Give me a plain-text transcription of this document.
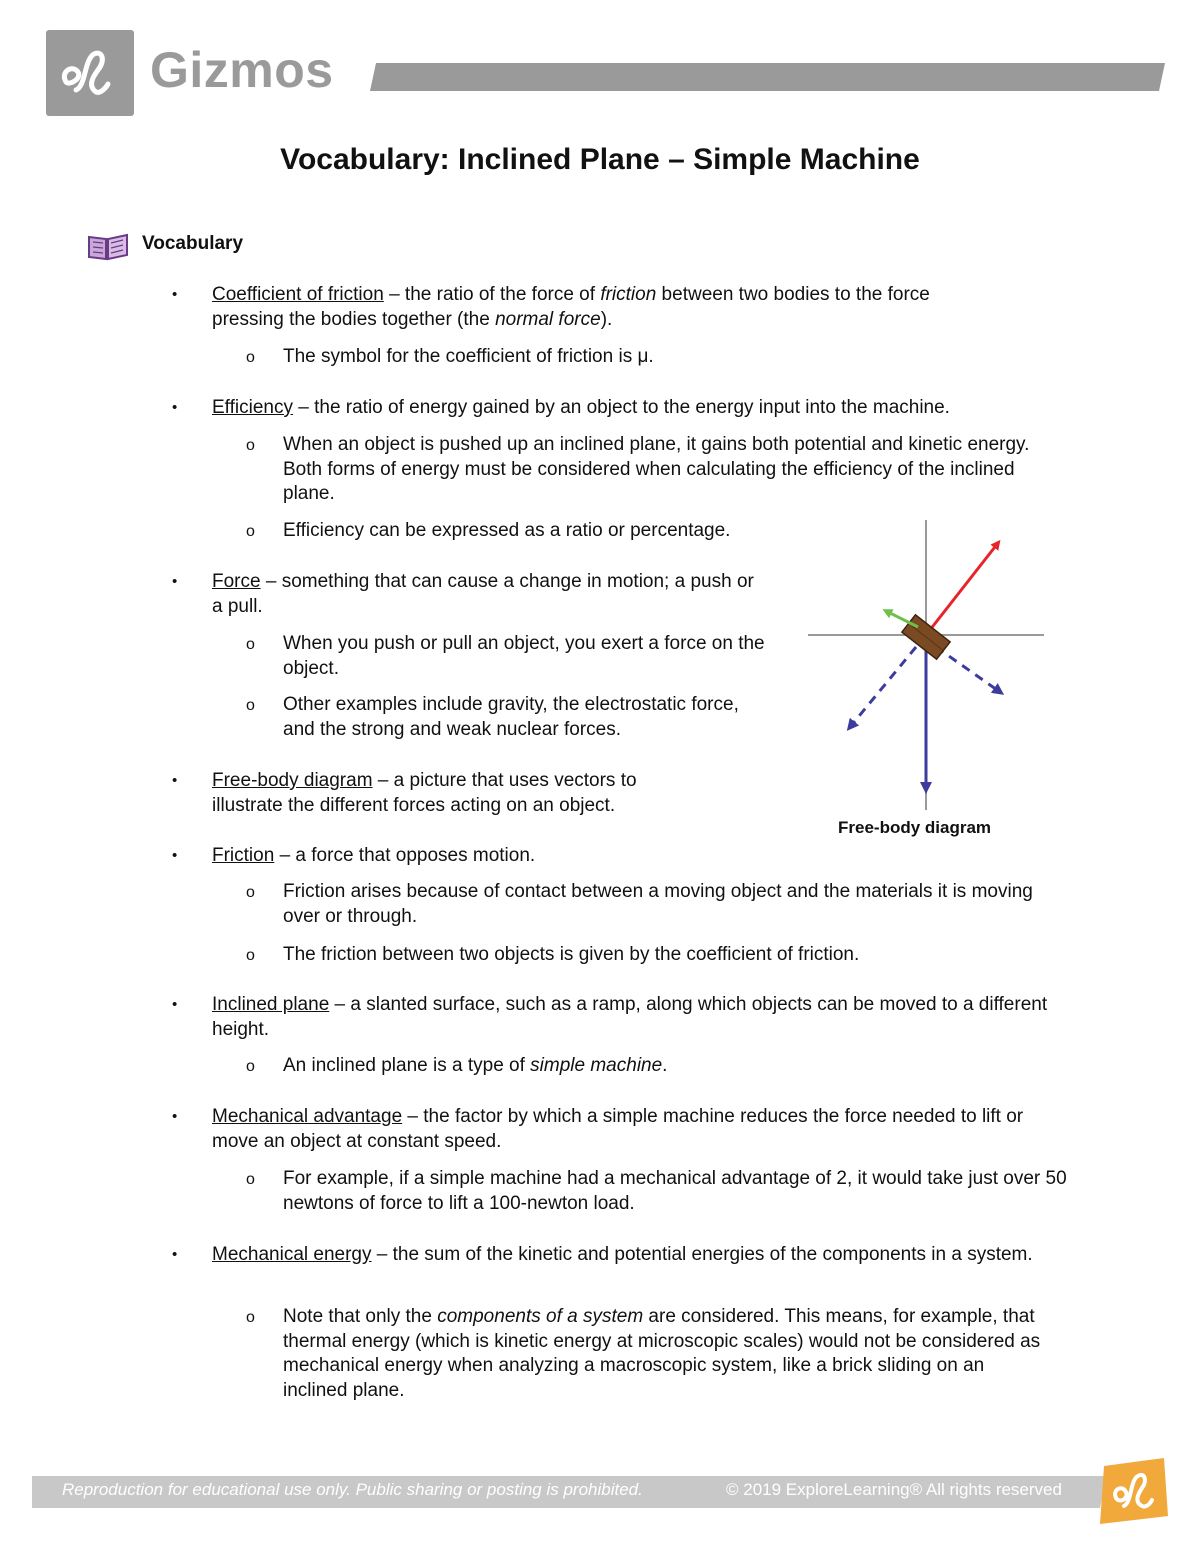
Gizmos
Vocabulary: Inclined Plane – Simple Machine
Vocabulary
• Coefficient of friction – the ratio of the force of friction between two bodies to the force pressing the bodies together (the normal force).
o The symbol for the coefficient of friction is μ.
• Efficiency – the ratio of energy gained by an object to the energy input into the machine.
o When an object is pushed up an inclined plane, it gains both potential and kinetic energy. Both forms of energy must be considered when calculating the efficiency of the inclined plane.
o Efficiency can be expressed as a ratio or percentage.
• Force – something that can cause a change in motion; a push or a pull.
o When you push or pull an object, you exert a force on the object.
o Other examples include gravity, the electrostatic force, and the strong and weak nuclear forces.
• Free-body diagram – a picture that uses vectors to illustrate the different forces acting on an object.
• Friction – a force that opposes motion.
o Friction arises because of contact between a moving object and the materials it is moving over or through.
o The friction between two objects is given by the coefficient of friction.
• Inclined plane – a slanted surface, such as a ramp, along which objects can be moved to a different height.
o An inclined plane is a type of simple machine.
• Mechanical advantage – the factor by which a simple machine reduces the force needed to lift or move an object at constant speed.
o For example, if a simple machine had a mechanical advantage of 2, it would take just over 50 newtons of force to lift a 100-newton load.
• Mechanical energy – the sum of the kinetic and potential energies of the components in a system.
o Note that only the components of a system are considered. This means, for example, that thermal energy (which is kinetic energy at microscopic scales) would not be considered as mechanical energy when analyzing a macroscopic system, like a brick sliding on an inclined plane.
Free-body diagram
Reproduction for educational use only. Public sharing or posting is prohibited.	© 2019 ExploreLearning® All rights reserved
